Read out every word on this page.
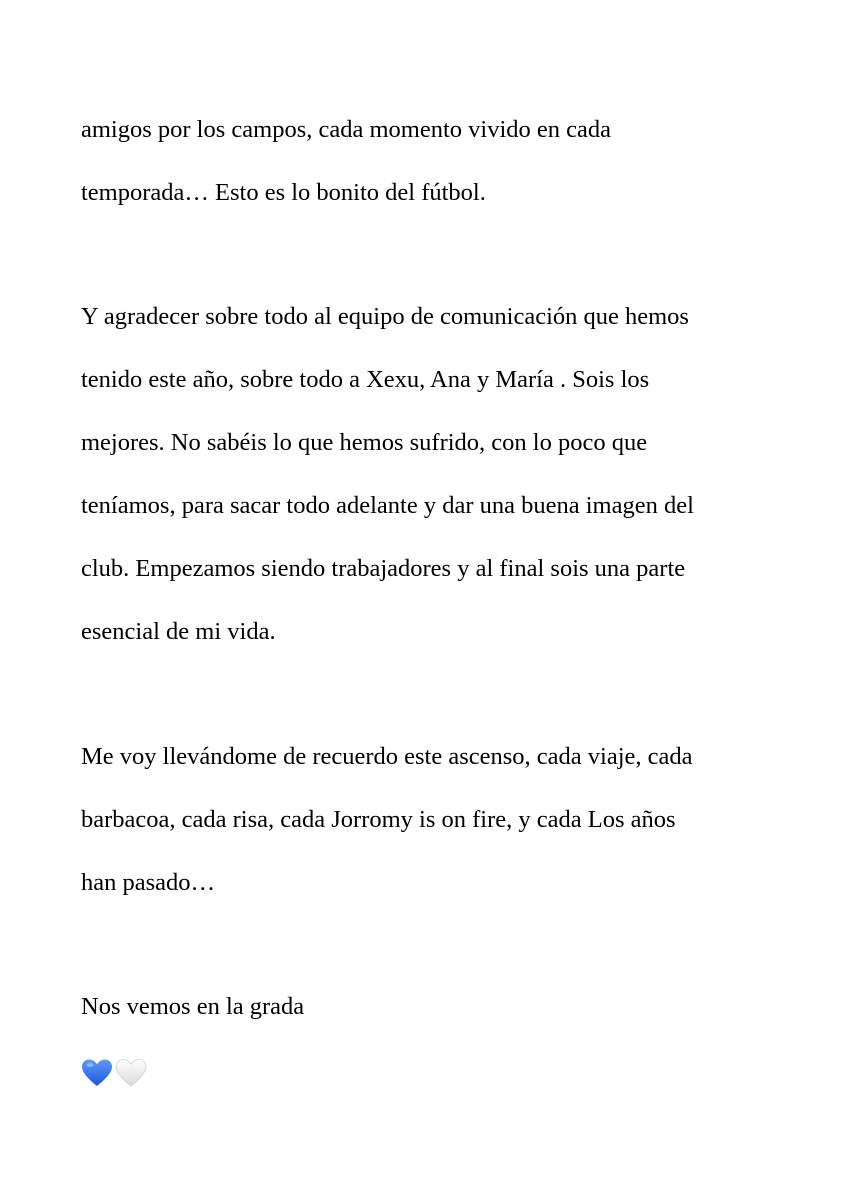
amigos por los campos, cada momento vivido en cada

temporada… Esto es lo bonito del fútbol.

Y agradecer sobre todo al equipo de comunicación que hemos

tenido este año, sobre todo a Xexu, Ana y María . Sois los

mejores. No sabéis lo que hemos sufrido, con lo poco que

teníamos, para sacar todo adelante y dar una buena imagen del

club. Empezamos siendo trabajadores y al final sois una parte

esencial de mi vida.

Me voy llevándome de recuerdo este ascenso, cada viaje, cada

barbacoa, cada risa, cada Jorromy is on fire, y cada Los años

han pasado…

Nos vemos en la grada
